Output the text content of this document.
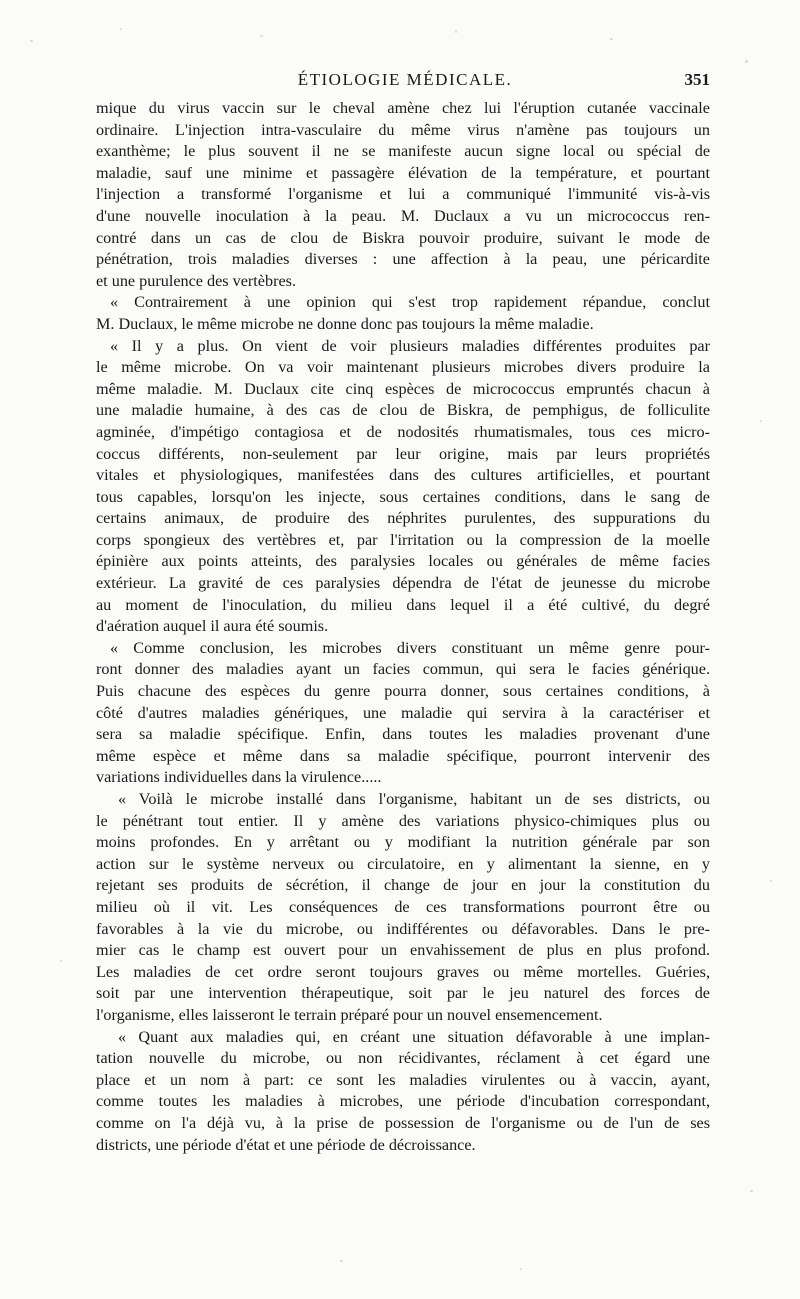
ÉTIOLOGIE MÉDICALE.	351
mique du virus vaccin sur le cheval amène chez lui l'éruption cutanée vaccinale
ordinaire. L'injection intra-vasculaire du même virus n'amène pas toujours un
exanthème; le plus souvent il ne se manifeste aucun signe local ou spécial de
maladie, sauf une minime et passagère élévation de la température, et pourtant
l'injection a transformé l'organisme et lui a communiqué l'immunité vis-à-vis
d'une nouvelle inoculation à la peau. M. Duclaux a vu un micrococcus ren-
contré dans un cas de clou de Biskra pouvoir produire, suivant le mode de
pénétration, trois maladies diverses : une affection à la peau, une péricardite
et une purulence des vertèbres.
« Contrairement à une opinion qui s'est trop rapidement répandue, conclut
M. Duclaux, le même microbe ne donne donc pas toujours la même maladie.
« Il y a plus. On vient de voir plusieurs maladies différentes produites par
le même microbe. On va voir maintenant plusieurs microbes divers produire la
même maladie. M. Duclaux cite cinq espèces de micrococcus empruntés chacun à
une maladie humaine, à des cas de clou de Biskra, de pemphigus, de folliculite
agminée, d'impétigo contagiosa et de nodosités rhumatismales, tous ces micro-
coccus différents, non-seulement par leur origine, mais par leurs propriétés
vitales et physiologiques, manifestées dans des cultures artificielles, et pourtant
tous capables, lorsqu'on les injecte, sous certaines conditions, dans le sang de
certains animaux, de produire des néphrites purulentes, des suppurations du
corps spongieux des vertèbres et, par l'irritation ou la compression de la moelle
épinière aux points atteints, des paralysies locales ou générales de même facies
extérieur. La gravité de ces paralysies dépendra de l'état de jeunesse du microbe
au moment de l'inoculation, du milieu dans lequel il a été cultivé, du degré
d'aération auquel il aura été soumis.
« Comme conclusion, les microbes divers constituant un même genre pour-
ront donner des maladies ayant un facies commun, qui sera le facies générique.
Puis chacune des espèces du genre pourra donner, sous certaines conditions, à
côté d'autres maladies génériques, une maladie qui servira à la caractériser et
sera sa maladie spécifique. Enfin, dans toutes les maladies provenant d'une
même espèce et même dans sa maladie spécifique, pourront intervenir des
variations individuelles dans la virulence.....
« Voilà le microbe installé dans l'organisme, habitant un de ses districts, ou
le pénétrant tout entier. Il y amène des variations physico-chimiques plus ou
moins profondes. En y arrêtant ou y modifiant la nutrition générale par son
action sur le système nerveux ou circulatoire, en y alimentant la sienne, en y
rejetant ses produits de sécrétion, il change de jour en jour la constitution du
milieu où il vit. Les conséquences de ces transformations pourront être ou
favorables à la vie du microbe, ou indifférentes ou défavorables. Dans le pre-
mier cas le champ est ouvert pour un envahissement de plus en plus profond.
Les maladies de cet ordre seront toujours graves ou même mortelles. Guéries,
soit par une intervention thérapeutique, soit par le jeu naturel des forces de
l'organisme, elles laisseront le terrain préparé pour un nouvel ensemencement.
« Quant aux maladies qui, en créant une situation défavorable à une implan-
tation nouvelle du microbe, ou non récidivantes, réclament à cet égard une
place et un nom à part: ce sont les maladies virulentes ou à vaccin, ayant,
comme toutes les maladies à microbes, une période d'incubation correspondant,
comme on l'a déjà vu, à la prise de possession de l'organisme ou de l'un de ses
districts, une période d'état et une période de décroissance.
